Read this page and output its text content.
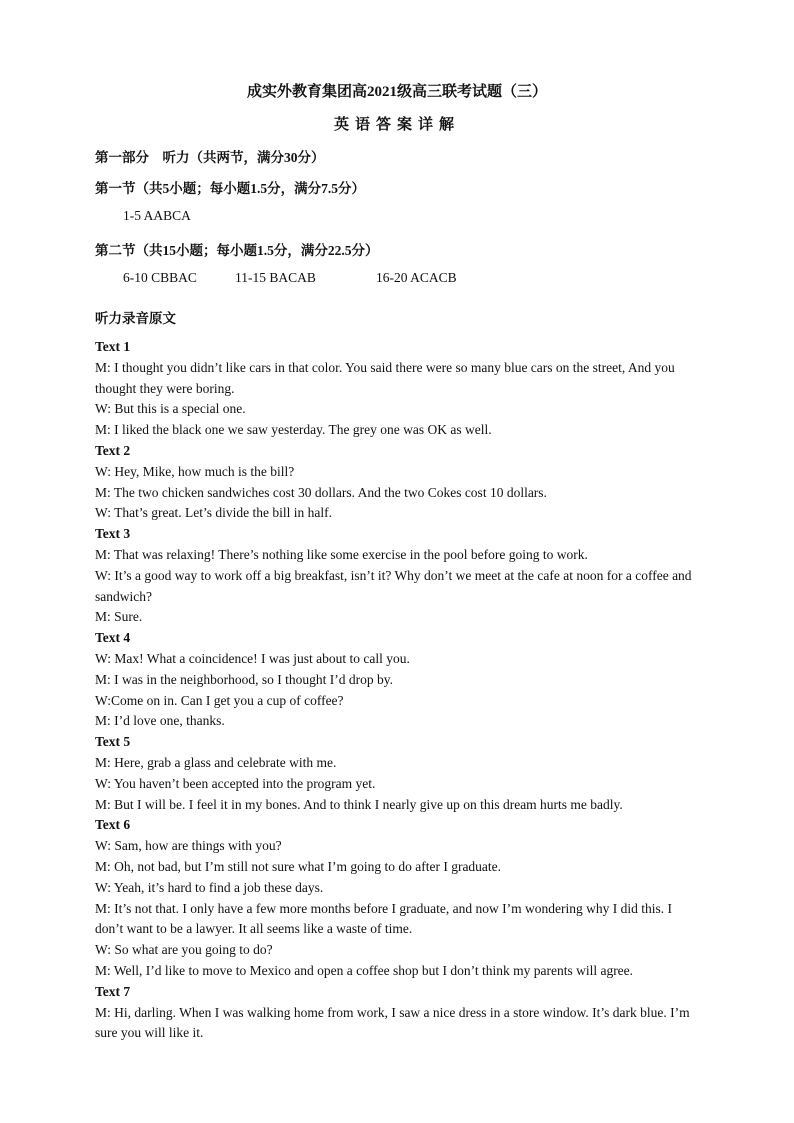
成实外教育集团高2021级高三联考试题（三）

英语答案详解

第一部分　听力（共两节，满分30分）

第一节（共5小题；每小题1.5分，满分7.5分）

1-5 AABCA

第二节（共15小题；每小题1.5分，满分22.5分）

6-10 CBBAC	11-15 BACAB	16-20 ACACB

听力录音原文

Text 1

M: I thought you didn’t like cars in that color. You said there were so many blue cars on the street, And you thought they were boring.

W: But this is a special one.

M: I liked the black one we saw yesterday. The grey one was OK as well.

Text 2

W: Hey, Mike, how much is the bill?

M: The two chicken sandwiches cost 30 dollars. And the two Cokes cost 10 dollars.

W: That’s great. Let’s divide the bill in half.

Text 3

M: That was relaxing! There’s nothing like some exercise in the pool before going to work.

W: It’s a good way to work off a big breakfast, isn’t it? Why don’t we meet at the cafe at noon for a coffee and sandwich?

M: Sure.

Text 4

W: Max! What a coincidence! I was just about to call you.

M: I was in the neighborhood, so I thought I’d drop by.

W:Come on in. Can I get you a cup of coffee?

M: I’d love one, thanks.

Text 5

M: Here, grab a glass and celebrate with me.

W: You haven’t been accepted into the program yet.

M: But I will be. I feel it in my bones. And to think I nearly give up on this dream hurts me badly.

Text 6

W: Sam, how are things with you?

M: Oh, not bad, but I’m still not sure what I’m going to do after I graduate.

W: Yeah, it’s hard to find a job these days.

M: It’s not that. I only have a few more months before I graduate, and now I’m wondering why I did this. I don’t want to be a lawyer. It all seems like a waste of time.

W: So what are you going to do?

M: Well, I’d like to move to Mexico and open a coffee shop but I don’t think my parents will agree.

Text 7

M: Hi, darling. When I was walking home from work, I saw a nice dress in a store window. It’s dark blue. I’m sure you will like it.
